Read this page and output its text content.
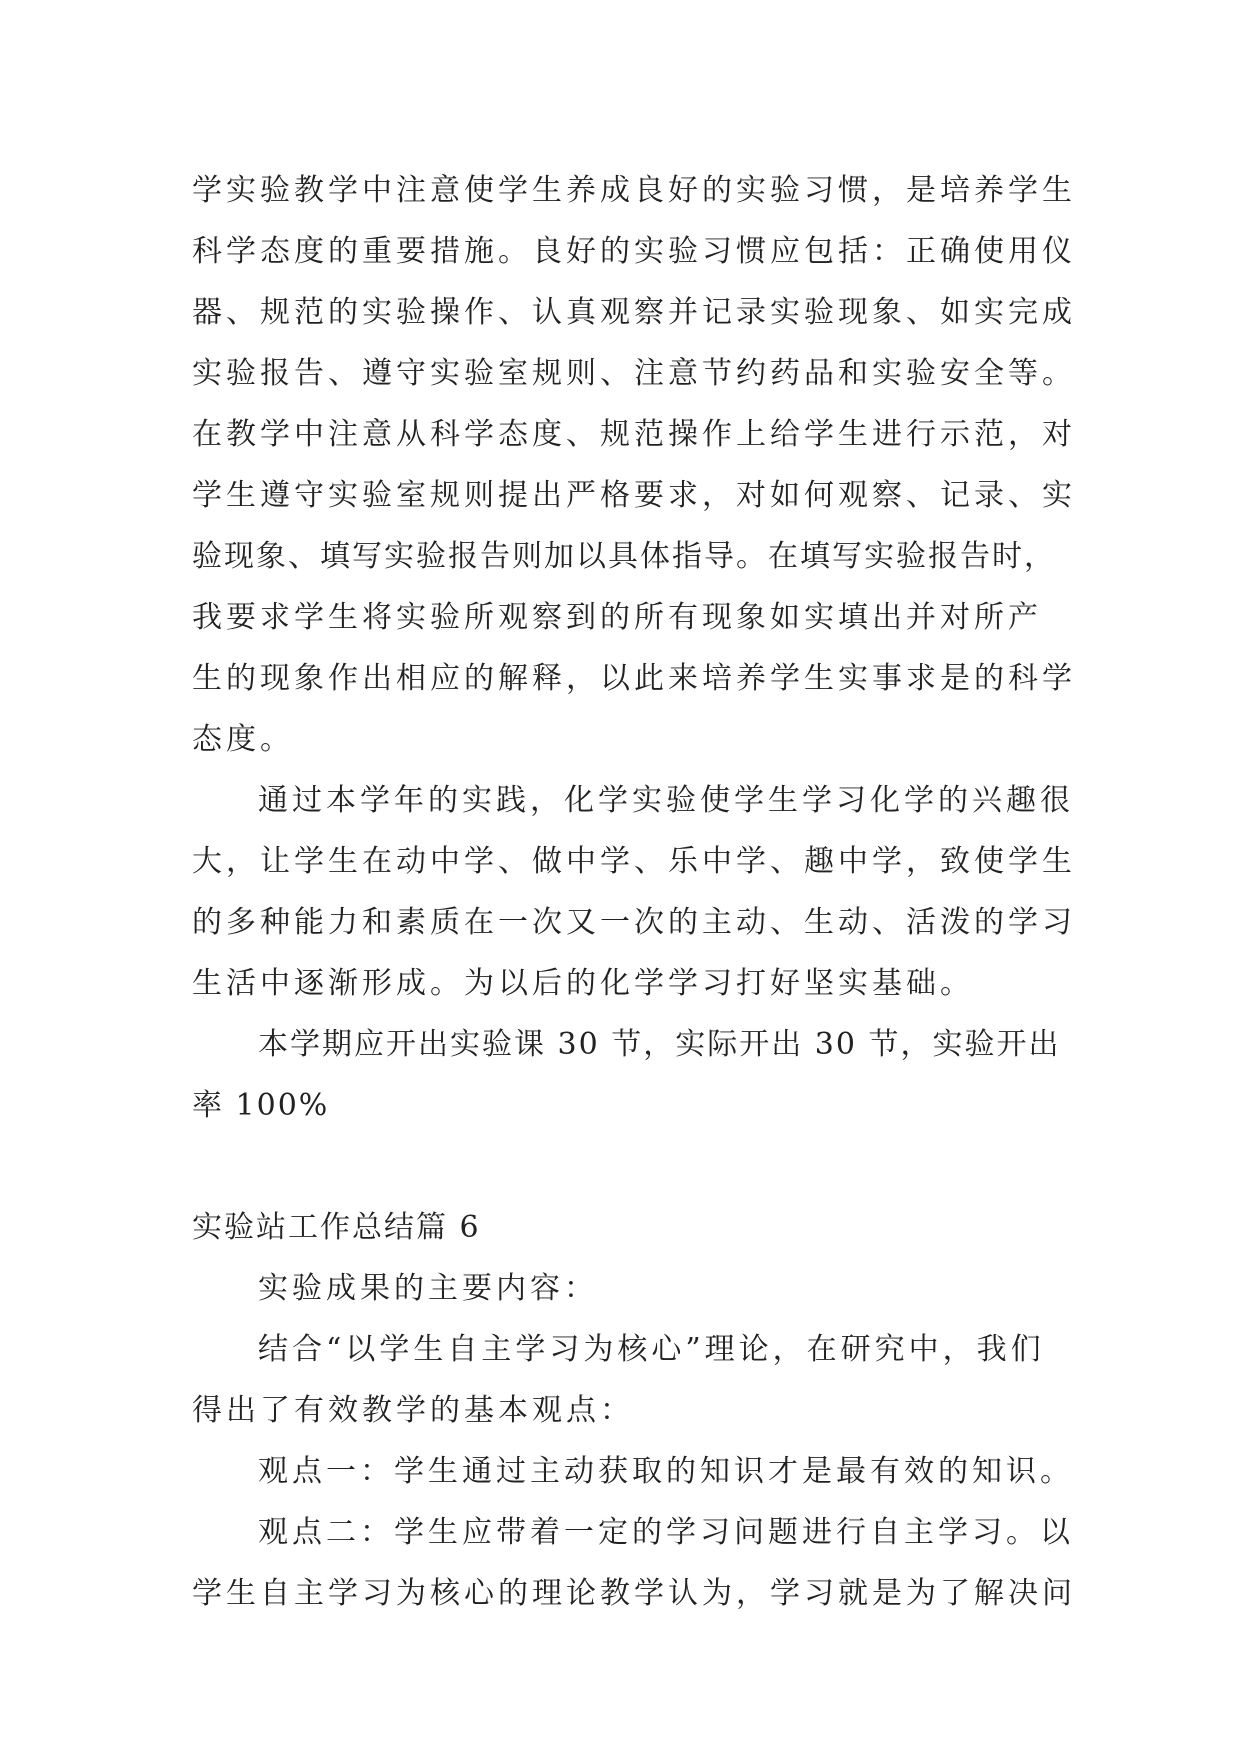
学实验教学中注意使学生养成良好的实验习惯，是培养学生
科学态度的重要措施。良好的实验习惯应包括：正确使用仪
器、规范的实验操作、认真观察并记录实验现象、如实完成
实验报告、遵守实验室规则、注意节约药品和实验安全等。
在教学中注意从科学态度、规范操作上给学生进行示范，对
学生遵守实验室规则提出严格要求，对如何观察、记录、实
验现象、填写实验报告则加以具体指导。在填写实验报告时，
我要求学生将实验所观察到的所有现象如实填出并对所产
生的现象作出相应的解释，以此来培养学生实事求是的科学
态度。
通过本学年的实践，化学实验使学生学习化学的兴趣很
大，让学生在动中学、做中学、乐中学、趣中学，致使学生
的多种能力和素质在一次又一次的主动、生动、活泼的学习
生活中逐渐形成。为以后的化学学习打好坚实基础。
本学期应开出实验课 30 节，实际开出 30 节，实验开出
率 100%
实验站工作总结篇 6
实验成果的主要内容：
结合“以学生自主学习为核心”理论，在研究中，我们
得出了有效教学的基本观点：
观点一：学生通过主动获取的知识才是最有效的知识。
观点二：学生应带着一定的学习问题进行自主学习。以
学生自主学习为核心的理论教学认为，学习就是为了解决问
